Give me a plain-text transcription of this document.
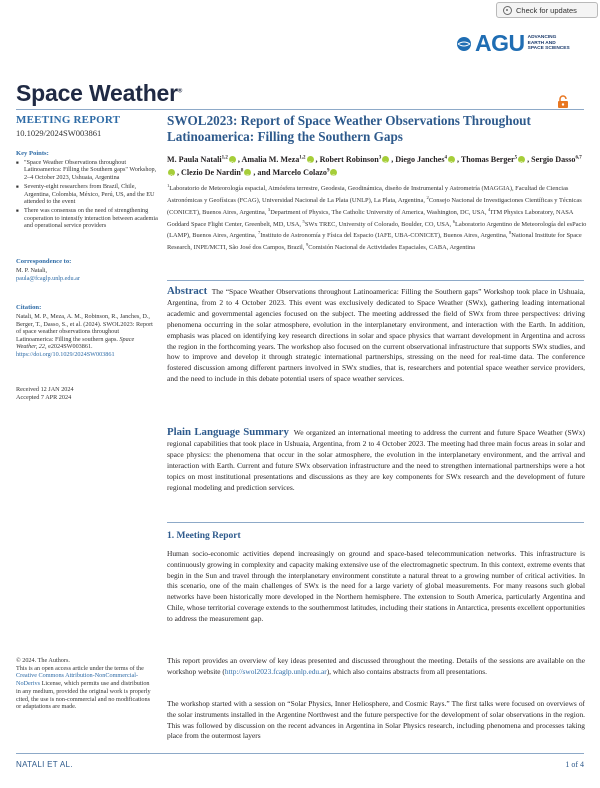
Check for updates
AGU ADVANCING
EARTH AND
SPACE SCIENCES
Space Weather®
MEETING REPORT
10.1029/2024SW003861
Key Points:
■ "Space Weather Observations throughout Latinoamerica: Filling the Southern gaps" Workshop, 2–4 October 2023, Ushuaia, Argentina
■ Seventy-eight researchers from Brazil, Chile, Argentina, Colombia, México, Perú, US, and the EU attended to the event
■ There was consensus on the need of strengthening cooperation to intensify interaction between academia and operational service providers
Correspondence to:
M. P. Natali,
paula@fcaglp.unlp.edu.ar
Citation:
Natali, M. P., Meza, A. M., Robinson, R., Janches, D., Berger, T., Dasso, S., et al. (2024). SWOL2023: Report of space weather observations throughout Latinoamerica: Filling the southern gaps. Space Weather, 22, e2024SW003861. https://doi.org/10.1029/2024SW003861
Received 12 JAN 2024
Accepted 7 APR 2024
© 2024. The Authors.
This is an open access article under the terms of the Creative Commons Attribution-NonCommercial-NoDerivs License, which permits use and distribution in any medium, provided the original work is properly cited, the use is non-commercial and no modifications or adaptations are made.
SWOL2023: Report of Space Weather Observations Throughout Latinoamerica: Filling the Southern Gaps
M. Paula Natali$^{1,2}$ iD , Amalia M. Meza$^{1,2}$ iD , Robert Robinson$^3$ iD , Diego Janches$^4$ iD , Thomas Berger$^5$ iD , Sergio Dasso$^{6,7}$iD, Clezio De Nardin$^8$ iD , and Marcelo Colazo$^9$iD
$^1$Laboratorio de Meteorología espacial, Atmósfera terrestre, Geodesia, Geodinámica, diseño de Instrumental y Astrometría (MAGGIA), Facultad de Ciencias Astronómicas y Geofísicas (FCAG), Universidad Nacional de La Plata (UNLP), La Plata, Argentina, $^2$Consejo Nacional de Investigaciones Científicas y Técnicas (CONICET), Buenos Aires, Argentina, $^3$Department of Physics, The Catholic University of America, Washington, DC, USA, $^4$ITM Physics Laboratory, NASA Goddard Space Flight Center, Greenbelt, MD, USA, $^5$SWx TREC, University of Colorado, Boulder, CO, USA, $^6$Laboratorio Argentino de Meteorología del esPacio (LAMP), Buenos Aires, Argentina, $^7$Instituto de Astronomía y Física del Espacio (IAFE, UBA-CONICET), Buenos Aires, Argentina, $^8$National Institute for Space Research, INPE/MCTI, São José dos Campos, Brazil, $^9$Comisión Nacional de Actividades Espaciales, CABA, Argentina
Abstract The “Space Weather Observations throughout Latinoamerica: Filling the Southern gaps” Workshop took place in Ushuaia, Argentina, from 2 to 4 October 2023. This event was exclusively dedicated to Space Weather (SWx), gathering leading international academic and governmental agencies focused on the subject. The meeting addressed the field of SWx from three perspectives: driving phenomena occurring in the solar atmosphere, evolution in the interplanetary environment, and interaction with the Earth. In addition, emphasis was placed on identifying key research directions in solar and space physics that warrant development in Argentina and across the region in the forthcoming years. The workshop also focused on the current observational infrastructure that supports SWx studies, and how to improve and develop it through strategic international partnerships, stressing on the need for real-time data. The conference fostered discussion among different partners involved in SWx studies, that is, researchers and potential space weather service providers, and the need to include in this debate potential users of space weather services.
Plain Language Summary We organized an international meeting to address the current and future Space Weather (SWx) regional capabilities that took place in Ushuaia, Argentina, from 2 to 4 October 2023. The meeting had three main focus areas in solar and space physics: the phenomena that occur in the solar atmosphere, the evolution in the interplanetary environment, and the arrival and interaction with Earth. Current and future SWx observation infrastructure and the need to strengthen international partnerships were a hot topics on most institutional presentations and discussions as they are key components for SWx research and the development of future regional modeling and prediction services.
1. Meeting Report
Human socio-economic activities depend increasingly on ground and space-based telecommunication networks. This infrastructure is continuously growing in complexity and capacity making extensive use of the electromagnetic spectrum. In this context, extreme events that begin in the Sun and travel through the interplanetary environment constitute a natural threat to a growing number of critical activities. In this scenario, one of the main challenges of SWx is the need for a large variety of global measurements. For many reasons such global networks have been historically more developed in the Northern hemisphere. The extension to South America, particularly Argentina and Chile, whose territorial coverage extends to the southernmost latitudes, including their stations in Antarctica, presents excellent opportunities to address the measurement gap.
This report provides an overview of key ideas presented and discussed throughout the meeting. Details of the sessions are available on the workshop website (http://swol2023.fcaglp.unlp.edu.ar), which also contains abstracts from all presentations.
The workshop started with a session on “Solar Physics, Inner Heliosphere, and Cosmic Rays.” The first talks were focused on overviews of the solar instruments installed in the Argentine Northwest and the future perspective for the development of solar observations in the region. This was followed by discussion on the recent advances in Argentina in Solar Physics research, including phenomena and processes taking place from the outermost layers
NATALI ET AL.	1 of 4
